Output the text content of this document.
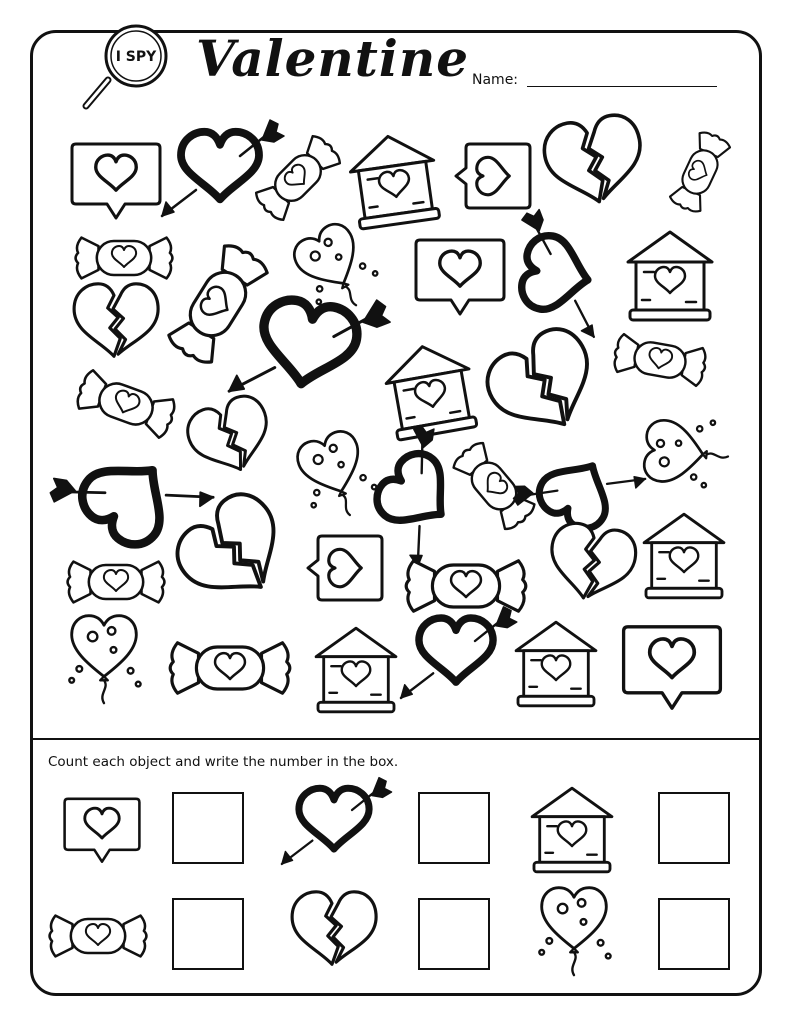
I SPY Valentine Name:
Count each object and write the number in the box.
